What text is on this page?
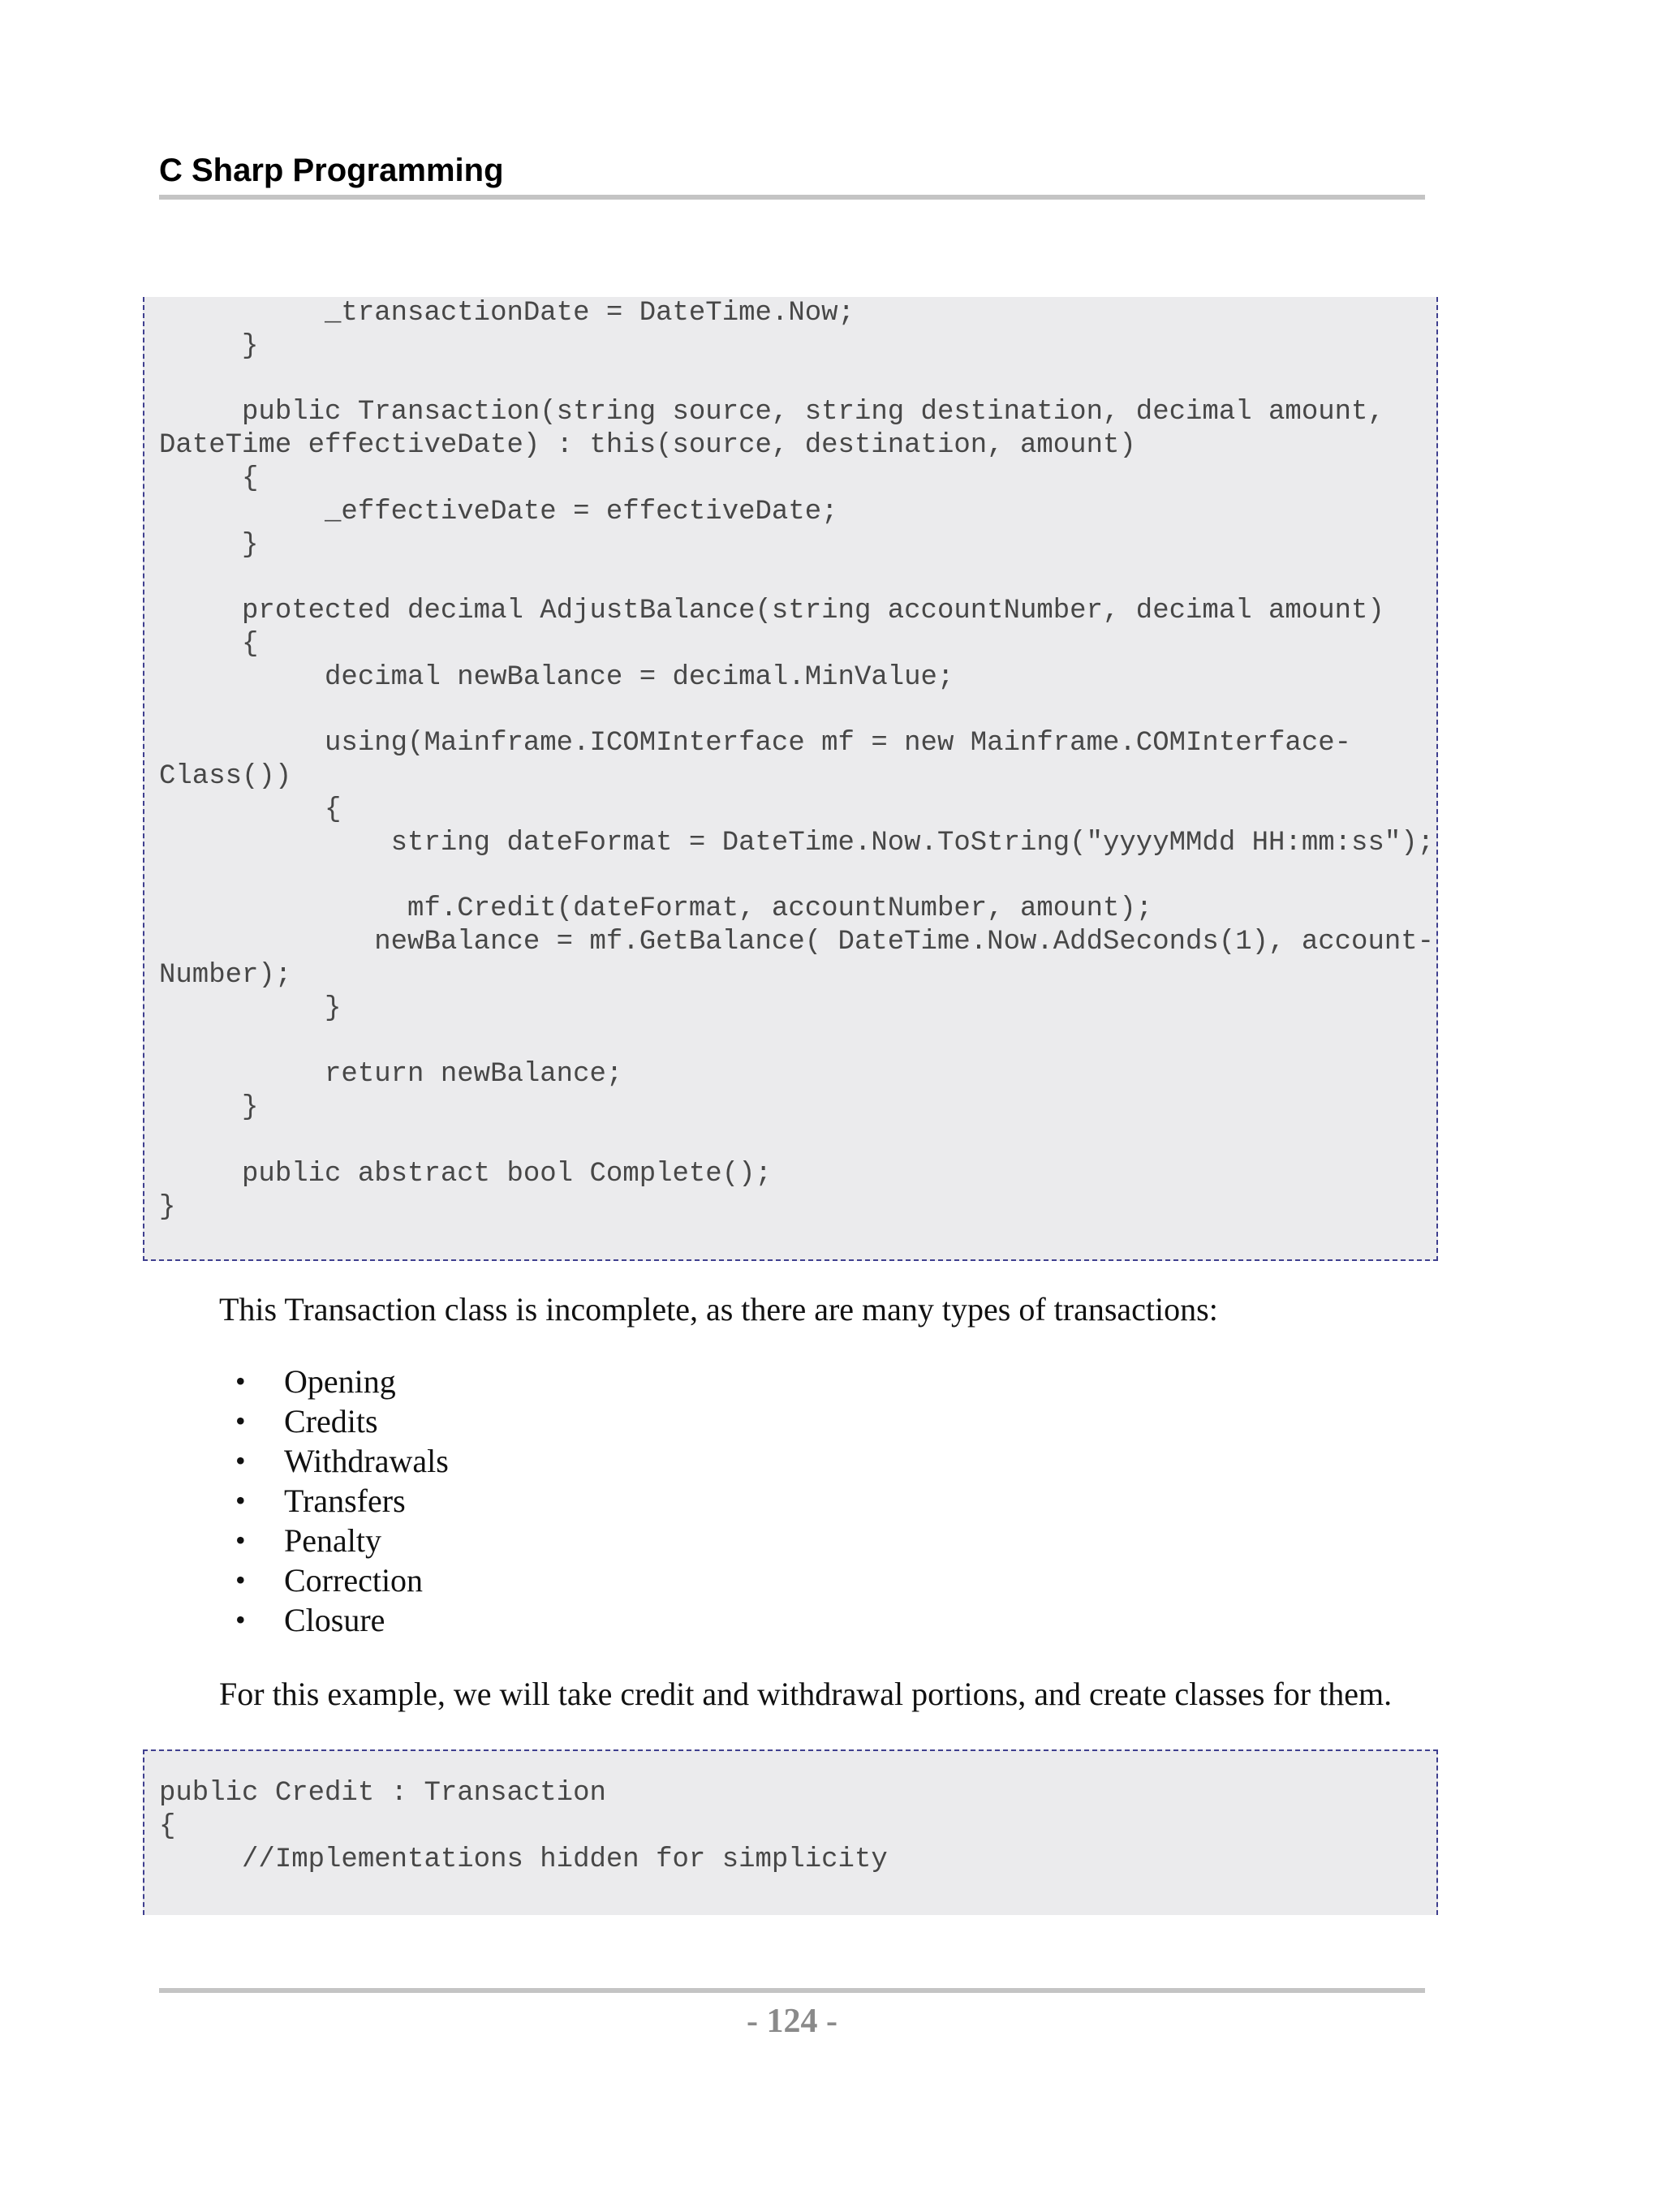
C Sharp Programming
_transactionDate = DateTime.Now;
}

public Transaction(string source, string destination, decimal amount,
DateTime effectiveDate) : this(source, destination, amount)
{
_effectiveDate = effectiveDate;
}

protected decimal AdjustBalance(string accountNumber, decimal amount)
{
decimal newBalance = decimal.MinValue;

using(Mainframe.ICOMInterface mf = new Mainframe.COMInterface-
Class())
{
string dateFormat = DateTime.Now.ToString("yyyyMMdd HH:mm:ss");

mf.Credit(dateFormat, accountNumber, amount);
newBalance = mf.GetBalance( DateTime.Now.AddSeconds(1), account-
Number);
}

return newBalance;
}

public abstract bool Complete();
}

This Transaction class is incomplete, as there are many types of transactions:

•	Opening
•	Credits
•	Withdrawals
•	Transfers
•	Penalty
•	Correction
•	Closure

For this example, we will take credit and withdrawal portions, and create classes for them.

public Credit : Transaction
{
//Implementations hidden for simplicity
- 124 -
